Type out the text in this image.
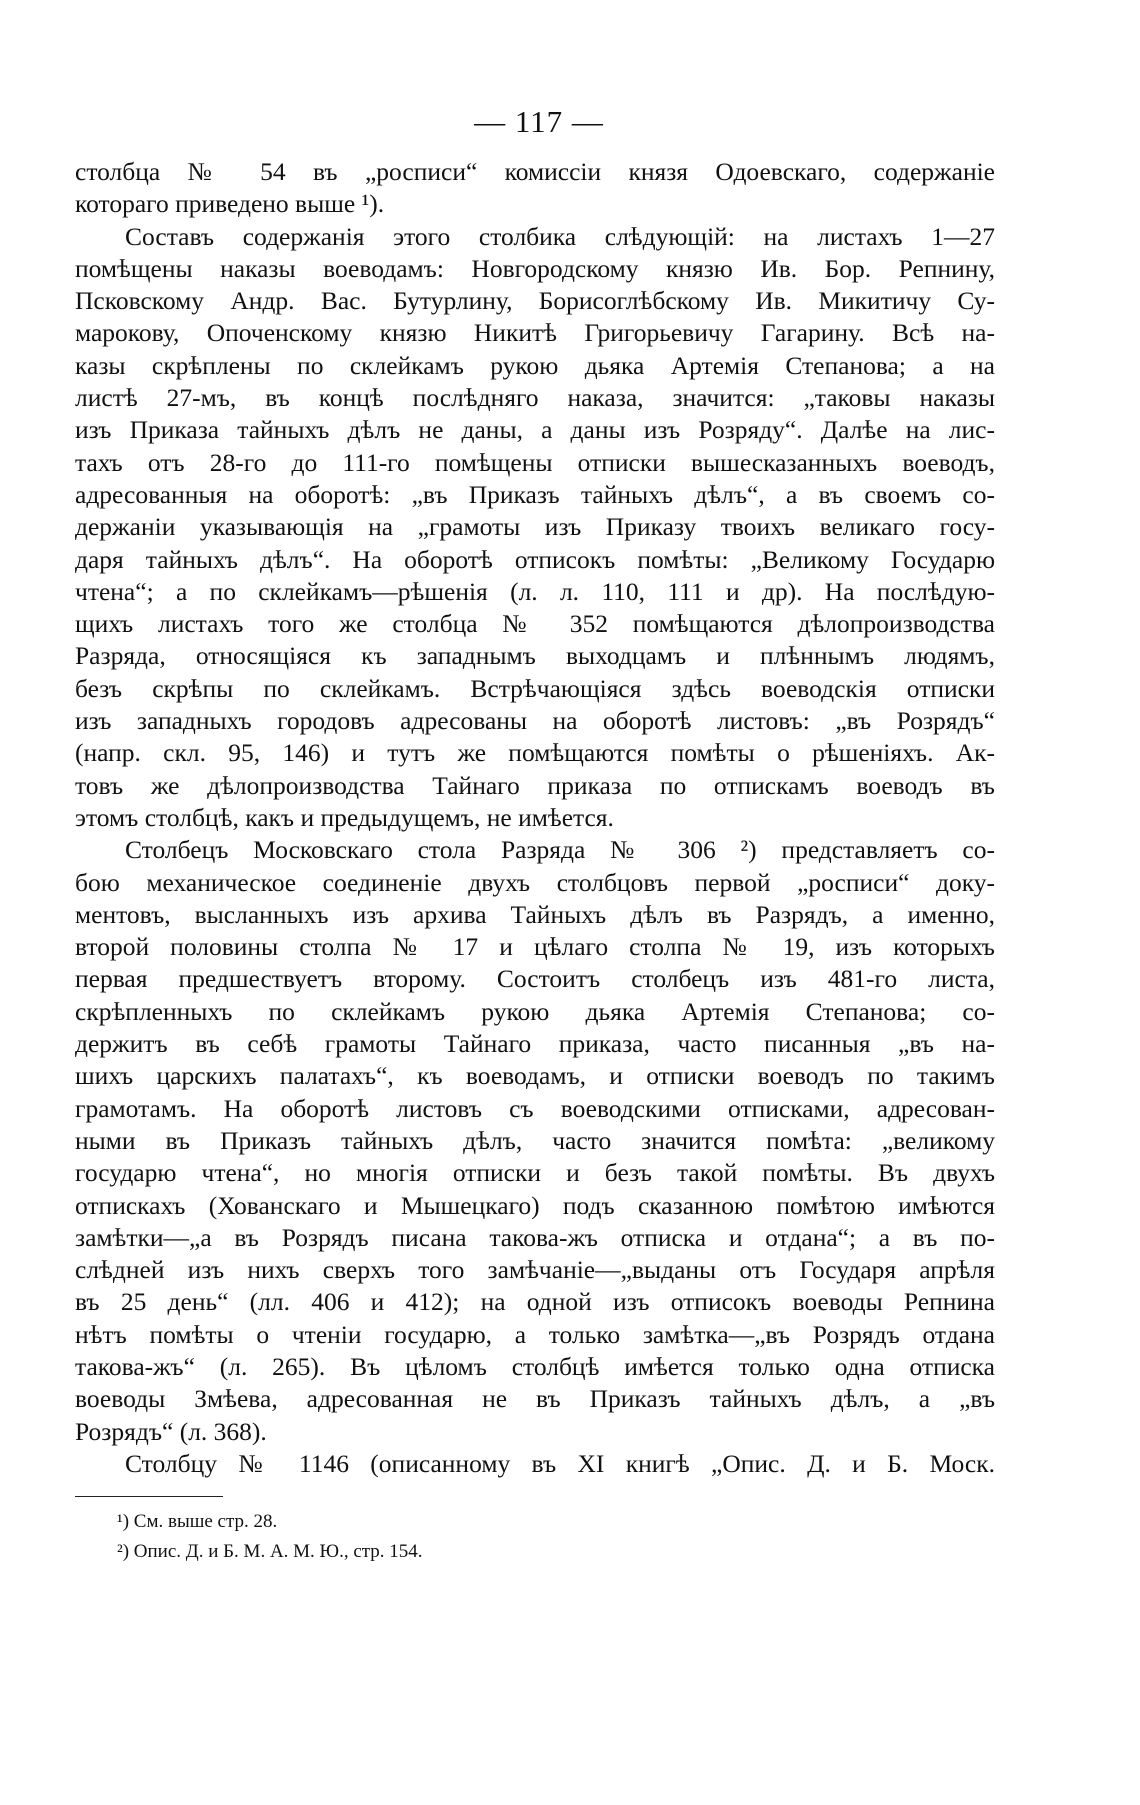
— 117 —
столбца № 54 въ „росписи“ комиссіи князя Одоевскаго, содержаніе
котораго приведено выше ¹).
Составъ содержанія этого столбика слѣдующій: на листахъ 1—27
помѣщены наказы воеводамъ: Новгородскому князю Ив. Бор. Репнину,
Псковскому Андр. Вас. Бутурлину, Борисоглѣбскому Ив. Микитичу Су-
марокову, Опоченскому князю Никитѣ Григорьевичу Гагарину. Всѣ на-
казы скрѣплены по склейкамъ рукою дьяка Артемія Степанова; а на
листѣ 27-мъ, въ концѣ послѣдняго наказа, значится: „таковы наказы
изъ Приказа тайныхъ дѣлъ не даны, а даны изъ Розряду“. Далѣе на лис-
тахъ отъ 28-го до 111-го помѣщены отписки вышесказанныхъ воеводъ,
адресованныя на оборотѣ: „въ Приказъ тайныхъ дѣлъ“, а въ своемъ со-
держаніи указывающія на „грамоты изъ Приказу твоихъ великаго госу-
даря тайныхъ дѣлъ“. На оборотѣ отписокъ помѣты: „Великому Государю
чтена“; а по склейкамъ—рѣшенія (л. л. 110, 111 и др). На послѣдую-
щихъ листахъ того же столбца № 352 помѣщаются дѣлопроизводства
Разряда, относящіяся къ западнымъ выходцамъ и плѣннымъ людямъ,
безъ скрѣпы по склейкамъ. Встрѣчающіяся здѣсь воеводскія отписки
изъ западныхъ городовъ адресованы на оборотѣ листовъ: „въ Розрядъ“
(напр. скл. 95, 146) и тутъ же помѣщаются помѣты о рѣшеніяхъ. Ак-
товъ же дѣлопроизводства Тайнаго приказа по отпискамъ воеводъ въ
этомъ столбцѣ, какъ и предыдущемъ, не имѣется.
Столбецъ Московскаго стола Разряда № 306 ²) представляетъ со-
бою механическое соединеніе двухъ столбцовъ первой „росписи“ доку-
ментовъ, высланныхъ изъ архива Тайныхъ дѣлъ въ Разрядъ, а именно,
второй половины столпа № 17 и цѣлаго столпа № 19, изъ которыхъ
первая предшествуетъ второму. Состоитъ столбецъ изъ 481-го листа,
скрѣпленныхъ по склейкамъ рукою дьяка Артемія Степанова; со-
держитъ въ себѣ грамоты Тайнаго приказа, часто писанныя „въ на-
шихъ царскихъ палатахъ“, къ воеводамъ, и отписки воеводъ по такимъ
грамотамъ. На оборотѣ листовъ съ воеводскими отписками, адресован-
ными въ Приказъ тайныхъ дѣлъ, часто значится помѣта: „великому
государю чтена“, но многія отписки и безъ такой помѣты. Въ двухъ
отпискахъ (Хованскаго и Мышецкаго) подъ сказанною помѣтою имѣются
замѣтки—„а въ Розрядъ писана такова-жъ отписка и отдана“; а въ по-
слѣдней изъ нихъ сверхъ того замѣчаніе—„выданы отъ Государя апрѣля
въ 25 день“ (лл. 406 и 412); на одной изъ отписокъ воеводы Репнина
нѣтъ помѣты о чтеніи государю, а только замѣтка—„въ Розрядъ отдана
такова-жъ“ (л. 265). Въ цѣломъ столбцѣ имѣется только одна отписка
воеводы Змѣева, адресованная не въ Приказъ тайныхъ дѣлъ, а „въ
Розрядъ“ (л. 368).
Столбцу № 1146 (описанному въ XI книгѣ „Опис. Д. и Б. Моск.
¹) См. выше стр. 28.
²) Опис. Д. и Б. М. А. М. Ю., стр. 154.
